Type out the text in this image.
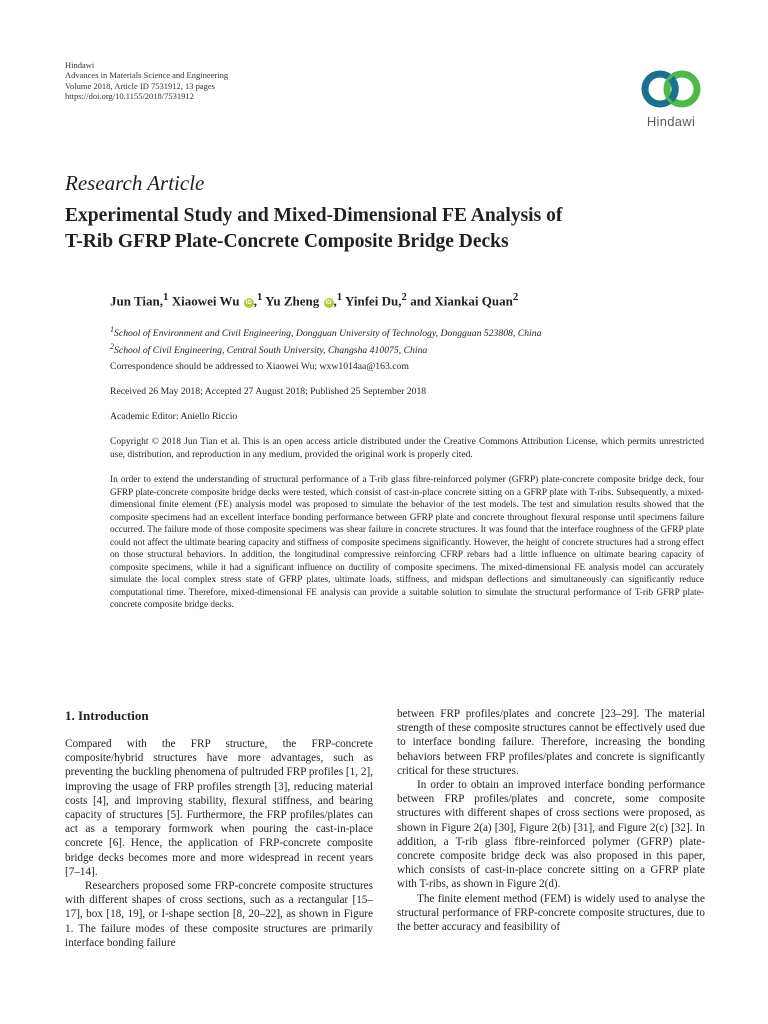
Hindawi
Advances in Materials Science and Engineering
Volume 2018, Article ID 7531912, 13 pages
https://doi.org/10.1155/2018/7531912
Hindawi
Research Article
Experimental Study and Mixed-Dimensional FE Analysis of
T-Rib GFRP Plate-Concrete Composite Bridge Decks
Jun Tian,$^1$ Xiaowei Wu iD ,$^1$ Yu Zheng iD ,$^1$ Yinfei Du,$^2$ and Xiankai Quan$^2$
$^1$School of Environment and Civil Engineering, Dongguan University of Technology, Dongguan 523808, China
$^2$School of Civil Engineering, Central South University, Changsha 410075, China
Correspondence should be addressed to Xiaowei Wu; wxw1014aa@163.com
Received 26 May 2018; Accepted 27 August 2018; Published 25 September 2018
Academic Editor: Aniello Riccio
Copyright © 2018 Jun Tian et al. This is an open access article distributed under the Creative Commons Attribution License, which permits unrestricted use, distribution, and reproduction in any medium, provided the original work is properly cited.

In order to extend the understanding of structural performance of a T-rib glass fibre-reinforced polymer (GFRP) plate-concrete composite bridge deck, four GFRP plate-concrete composite bridge decks were tested, which consist of cast-in-place concrete sitting on a GFRP plate with T-ribs. Subsequently, a mixed-dimensional finite element (FE) analysis model was proposed to simulate the behavior of the test models. The test and simulation results showed that the composite specimens had an excellent interface bonding performance between GFRP plate and concrete throughout flexural response until specimens failure occurred. The failure mode of those composite specimens was shear failure in concrete structures. It was found that the interface roughness of the GFRP plate could not affect the ultimate bearing capacity and stiffness of composite specimens significantly. However, the height of concrete structures had a strong effect on those structural behaviors. In addition, the longitudinal compressive reinforcing CFRP rebars had a little influence on ultimate bearing capacity of composite specimens, while it had a significant influence on ductility of composite specimens. The mixed-dimensional FE analysis model can accurately simulate the local complex stress state of GFRP plates, ultimate loads, stiffness, and midspan deflections and simultaneously can significantly reduce computational time. Therefore, mixed-dimensional FE analysis can provide a suitable solution to simulate the structural performance of T-rib GFRP plate-concrete composite bridge decks.

1. Introduction

Compared with the FRP structure, the FRP-concrete composite/hybrid structures have more advantages, such as preventing the buckling phenomena of pultruded FRP profiles [1, 2], improving the usage of FRP profiles strength [3], reducing material costs [4], and improving stability, flexural stiffness, and bearing capacity of structures [5]. Furthermore, the FRP profiles/plates can act as a temporary formwork when pouring the cast-in-place concrete [6]. Hence, the application of FRP-concrete composite bridge decks becomes more and more widespread in recent years [7–14].

Researchers proposed some FRP-concrete composite structures with different shapes of cross sections, such as a rectangular [15–17], box [18, 19], or I-shape section [8, 20–22], as shown in Figure 1. The failure modes of these composite structures are primarily interface bonding failure

between FRP profiles/plates and concrete [23–29]. The material strength of these composite structures cannot be effectively used due to interface bonding failure. Therefore, increasing the bonding behaviors between FRP profiles/plates and concrete is significantly critical for these structures.

In order to obtain an improved interface bonding performance between FRP profiles/plates and concrete, some composite structures with different shapes of cross sections were proposed, as shown in Figure 2(a) [30], Figure 2(b) [31], and Figure 2(c) [32]. In addition, a T-rib glass fibre-reinforced polymer (GFRP) plate-concrete composite bridge deck was also proposed in this paper, which consists of cast-in-place concrete sitting on a GFRP plate with T-ribs, as shown in Figure 2(d).

The finite element method (FEM) is widely used to analyse the structural performance of FRP-concrete composite structures, due to the better accuracy and feasibility of
